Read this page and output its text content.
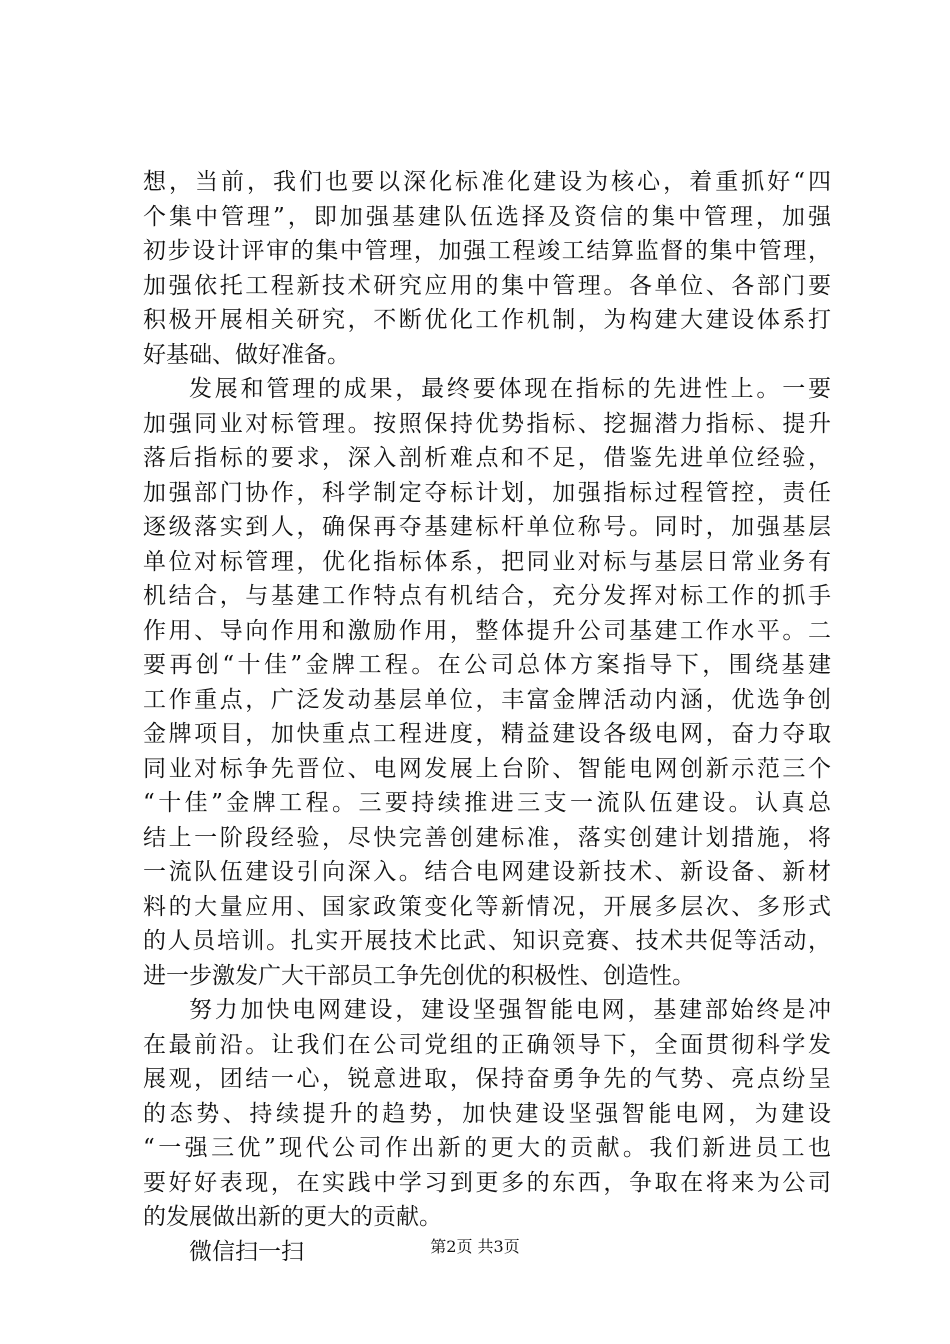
想，当前，我们也要以深化标准化建设为核心，着重抓好“四
个集中管理”，即加强基建队伍选择及资信的集中管理，加强
初步设计评审的集中管理，加强工程竣工结算监督的集中管理，
加强依托工程新技术研究应用的集中管理。各单位、各部门要
积极开展相关研究，不断优化工作机制，为构建大建设体系打
好基础、做好准备。
发展和管理的成果，最终要体现在指标的先进性上。一要
加强同业对标管理。按照保持优势指标、挖掘潜力指标、提升
落后指标的要求，深入剖析难点和不足，借鉴先进单位经验，
加强部门协作，科学制定夺标计划，加强指标过程管控，责任
逐级落实到人，确保再夺基建标杆单位称号。同时，加强基层
单位对标管理，优化指标体系，把同业对标与基层日常业务有
机结合，与基建工作特点有机结合，充分发挥对标工作的抓手
作用、导向作用和激励作用，整体提升公司基建工作水平。二
要再创“十佳”金牌工程。在公司总体方案指导下，围绕基建
工作重点，广泛发动基层单位，丰富金牌活动内涵，优选争创
金牌项目，加快重点工程进度，精益建设各级电网，奋力夺取
同业对标争先晋位、电网发展上台阶、智能电网创新示范三个
“十佳”金牌工程。三要持续推进三支一流队伍建设。认真总
结上一阶段经验，尽快完善创建标准，落实创建计划措施，将
一流队伍建设引向深入。结合电网建设新技术、新设备、新材
料的大量应用、国家政策变化等新情况，开展多层次、多形式
的人员培训。扎实开展技术比武、知识竞赛、技术共促等活动，
进一步激发广大干部员工争先创优的积极性、创造性。
努力加快电网建设，建设坚强智能电网，基建部始终是冲
在最前沿。让我们在公司党组的正确领导下，全面贯彻科学发
展观，团结一心，锐意进取，保持奋勇争先的气势、亮点纷呈
的态势、持续提升的趋势，加快建设坚强智能电网，为建设
“一强三优”现代公司作出新的更大的贡献。我们新进员工也
要好好表现，在实践中学习到更多的东西，争取在将来为公司
的发展做出新的更大的贡献。
微信扫一扫	第2页 共3页
